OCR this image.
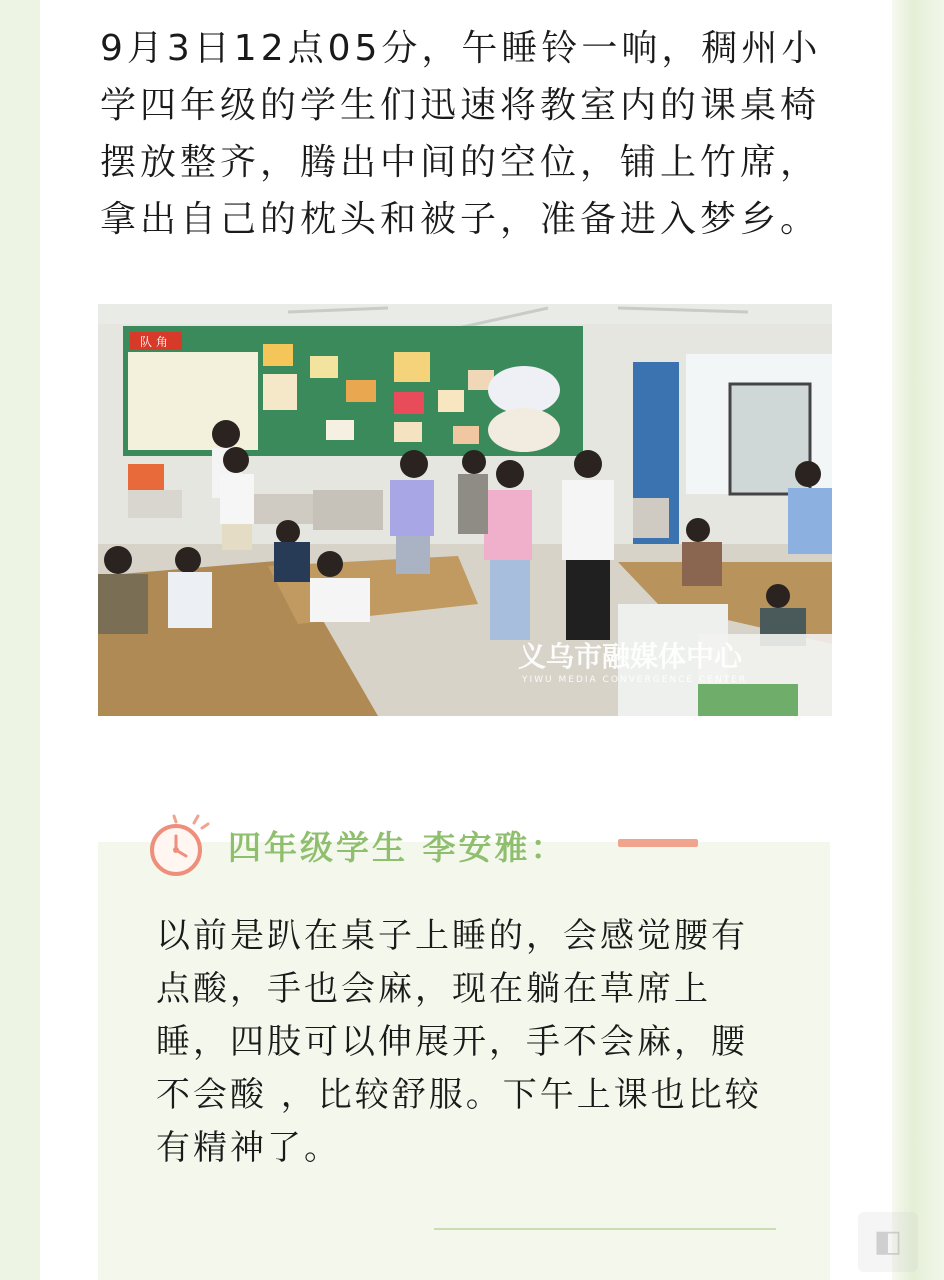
9月3日12点05分，午睡铃一响，稠州小学四年级的学生们迅速将教室内的课桌椅摆放整齐，腾出中间的空位，铺上竹席，拿出自己的枕头和被子，准备进入梦乡。

队 角
义乌市融媒体中心
YIWU MEDIA CONVERGENCE CENTER
四年级学生 李安雅：

以前是趴在桌子上睡的，会感觉腰有点酸，手也会麻，现在躺在草席上睡，四肢可以伸展开，手不会麻，腰不会酸 ，比较舒服。下午上课也比较有精神了。

◧
